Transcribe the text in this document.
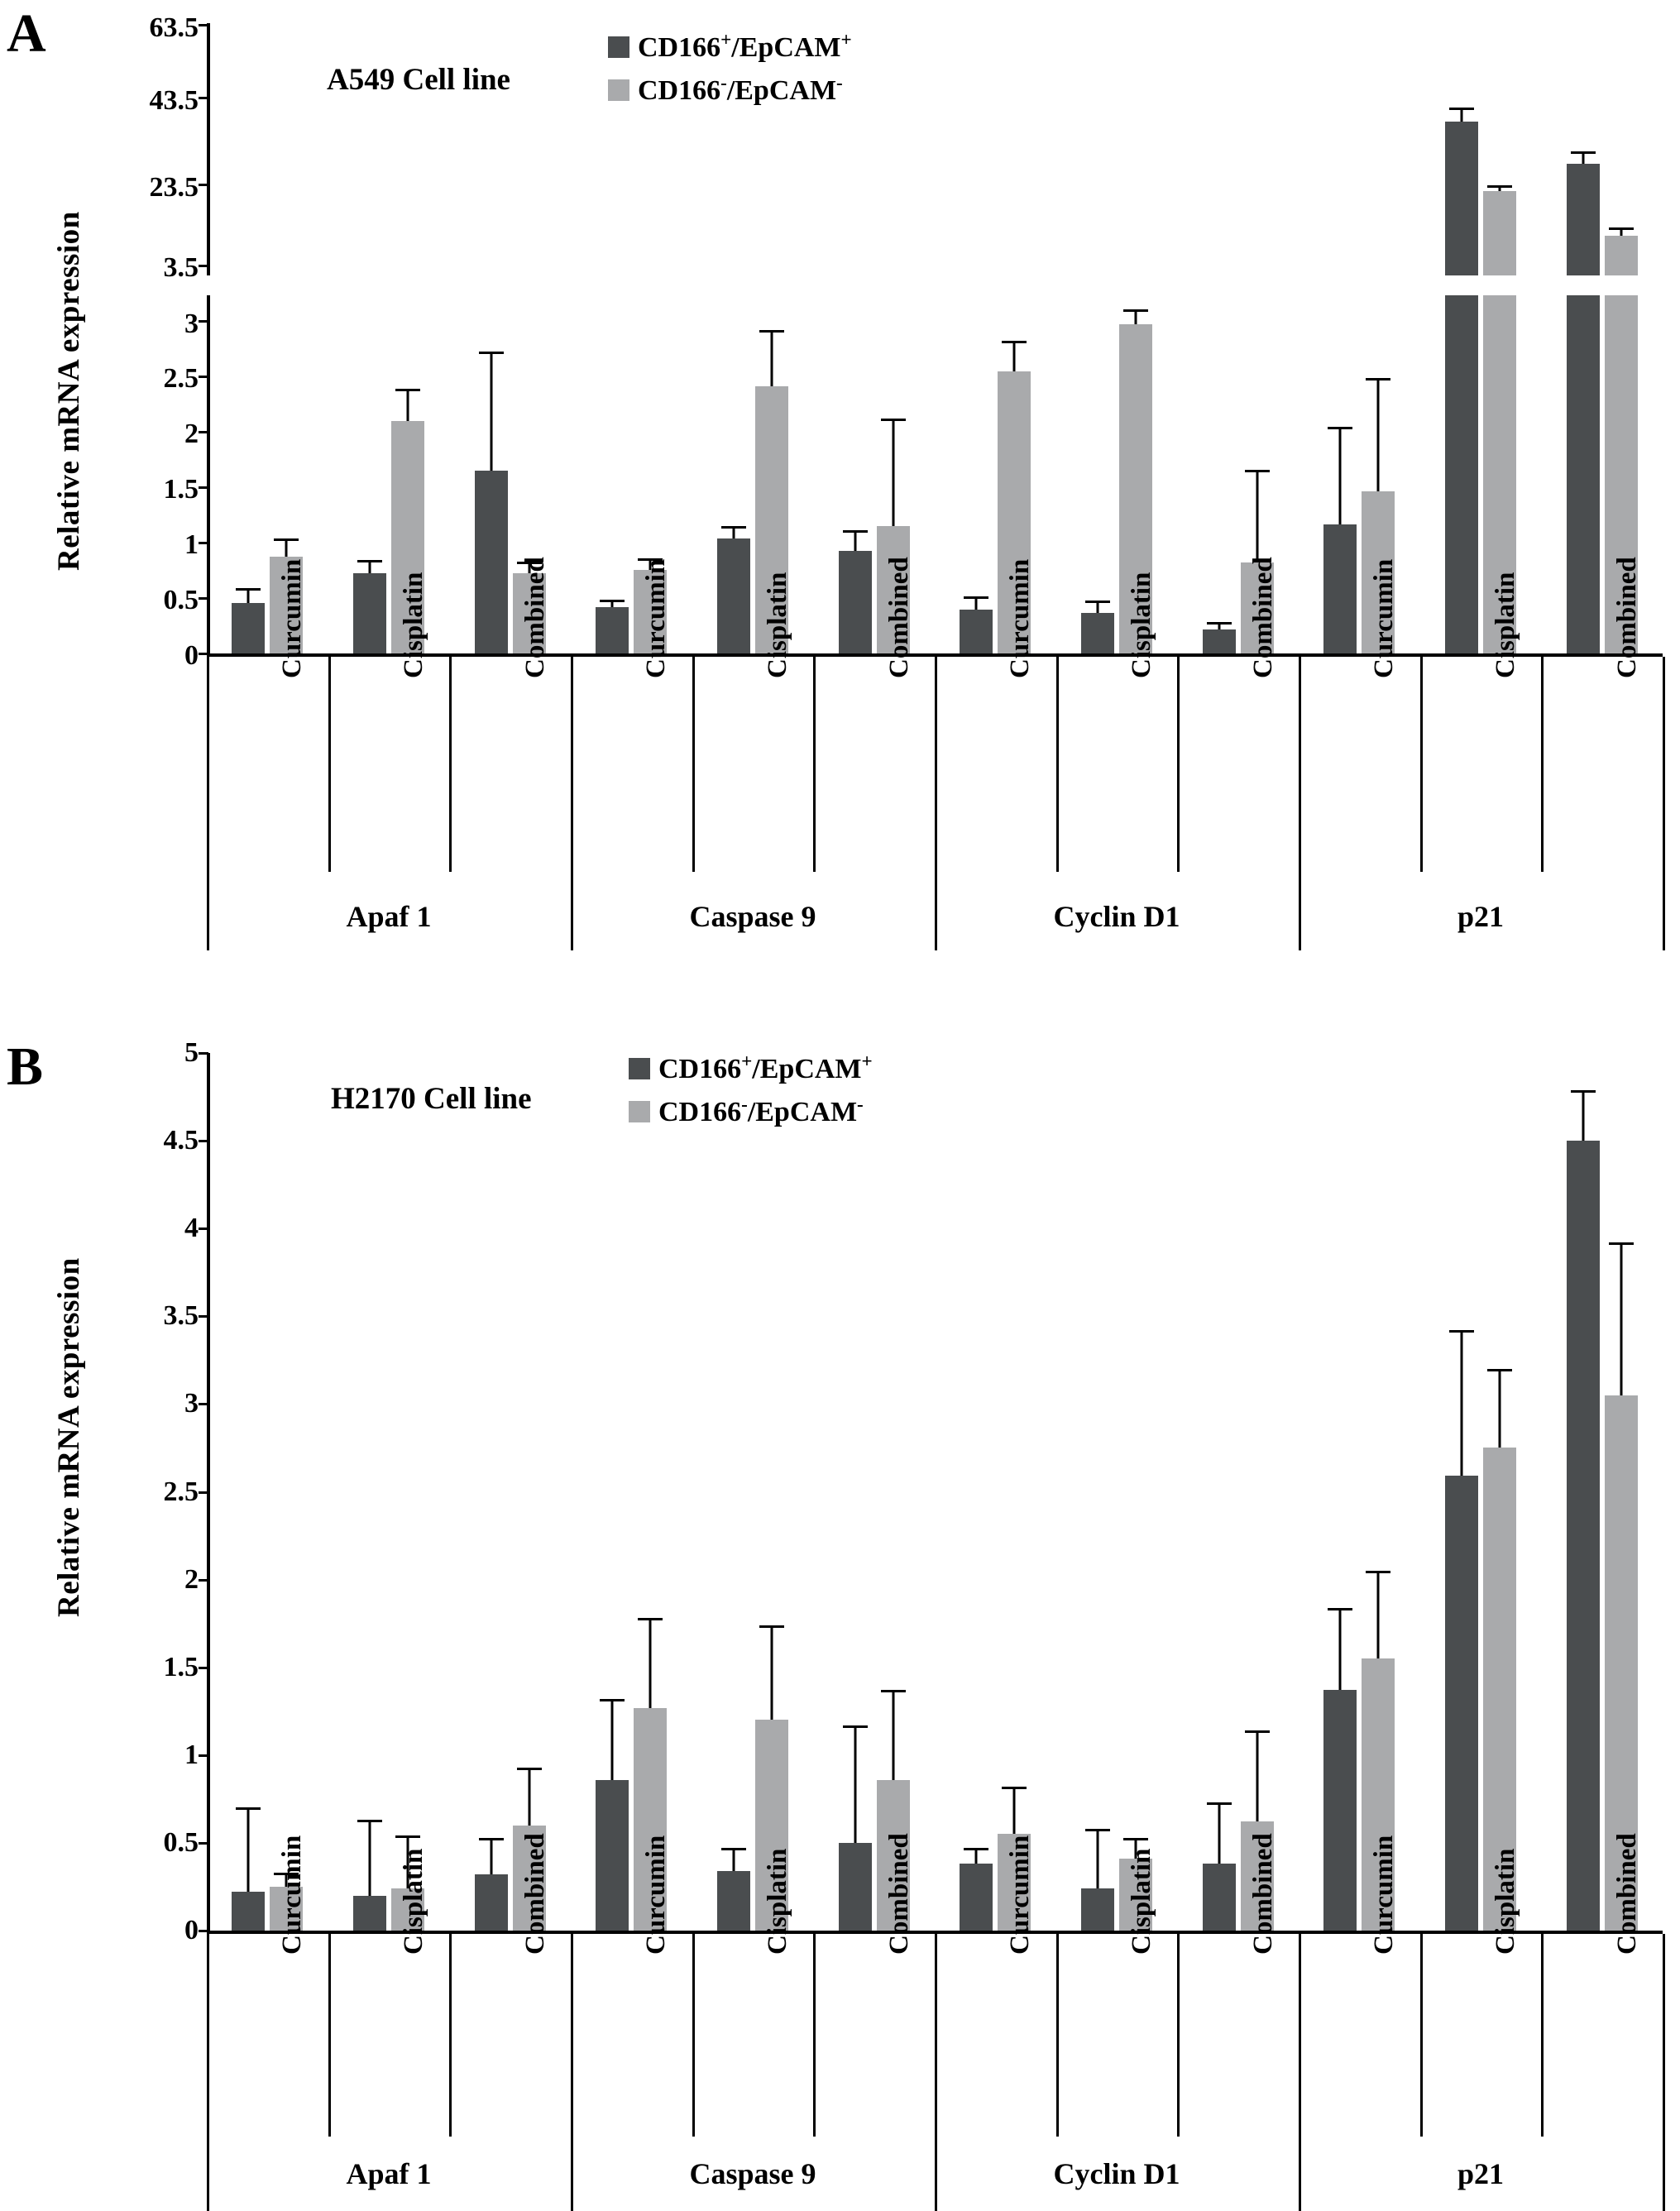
A
Relative mRNA expression
A549 Cell line
CD166+/EpCAM+
CD166-/EpCAM-
63.5
43.5
23.5
3.5
3
2.5
2
1.5
1
0.5
0	Curcumin	Cisplatin	Combined	Curcumin	Cisplatin	Combined	Curcumin	Cisplatin	Combined	Curcumin	Cisplatin	Combined
Apaf 1	Caspase 9	Cyclin D1	p21
B
Relative mRNA expression
H2170 Cell line
CD166+/EpCAM+
CD166-/EpCAM-
0
0.5
1
1.5
2
2.5
3
3.5
4
4.5
5
Curcumin	Cisplatin	Combined	Curcumin	Cisplatin	Combined	Curcumin	Cisplatin	Combined	Curcumin	Cisplatin	Combined
Apaf 1	Caspase 9	Cyclin D1	p21
